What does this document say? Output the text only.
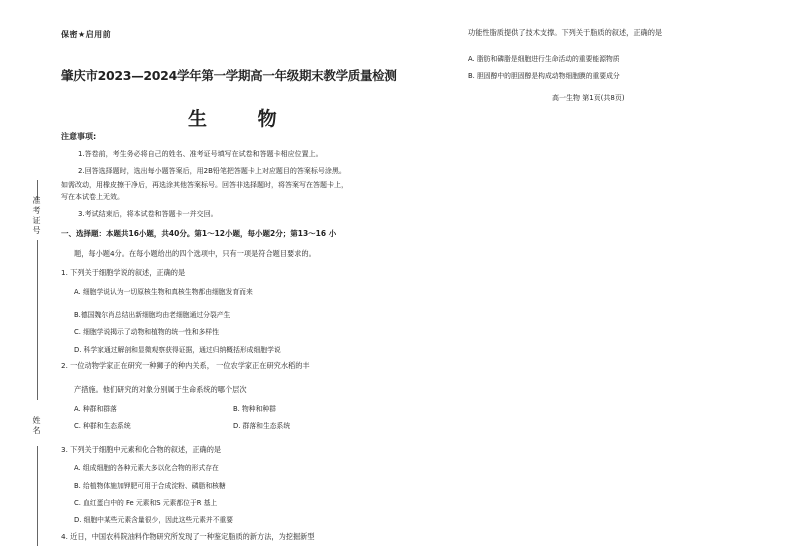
准考证号
姓名
保密★启用前
肇庆市2023—2024学年第一学期高一年级期末教学质量检测
生 物
注意事项:
1.答卷前，考生务必将自己的姓名、准考证号填写在试卷和答题卡相应位置上。
2.回答选择题时，选出每小题答案后，用2B铅笔把答题卡上对应题目的答案标号涂黑。
如需改动，用橡皮擦干净后，再选涂其他答案标号。回答非选择题时，将答案写在答题卡上，
写在本试卷上无效。
3.考试结束后，将本试卷和答题卡一并交回。
一、选择题：本题共16小题，共40分。第1～12小题，每小题2分；第13～16 小
题，每小题4分。在每小题给出的四个选项中，只有一项是符合题目要求的。
1. 下列关于细胞学说的叙述，正确的是
A. 细胞学说认为一切原核生物和真核生物都由细胞发育而来
B.德国魏尔肖总结出新细胞均由老细胞通过分裂产生
C. 细胞学说揭示了动物和植物的统一性和多样性
D. 科学家通过解剖和显微观察获得证据，通过归纳概括形成细胞学说
2. 一位动物学家正在研究一种狮子的种内关系， 一位农学家正在研究水稻的丰
产措施。他们研究的对象分别属于生命系统的哪个层次
A. 种群和群落	B. 物种和种群
C. 种群和生态系统	D. 群落和生态系统
3. 下列关于细胞中元素和化合物的叙述，正确的是
A. 组成细胞的各种元素大多以化合物的形式存在
B. 给植物体施加钾肥可用于合成淀粉、磷脂和核糖
C. 血红蛋白中的 Fe 元素和S 元素都位于R 基上
D. 细胞中某些元素含量很少，因此这些元素并不重要
4. 近日，中国农科院油料作物研究所发现了一种鉴定脂质的新方法，为挖掘新型
功能性脂质提供了技术支撑。下列关于脂质的叙述，正确的是
A. 脂肪和磷脂是细胞进行生命活动的重要能源物质
B. 胆固醇中的胆固醇是构成动物细胞膜的重要成分
高一生物 第1页(共8页)
